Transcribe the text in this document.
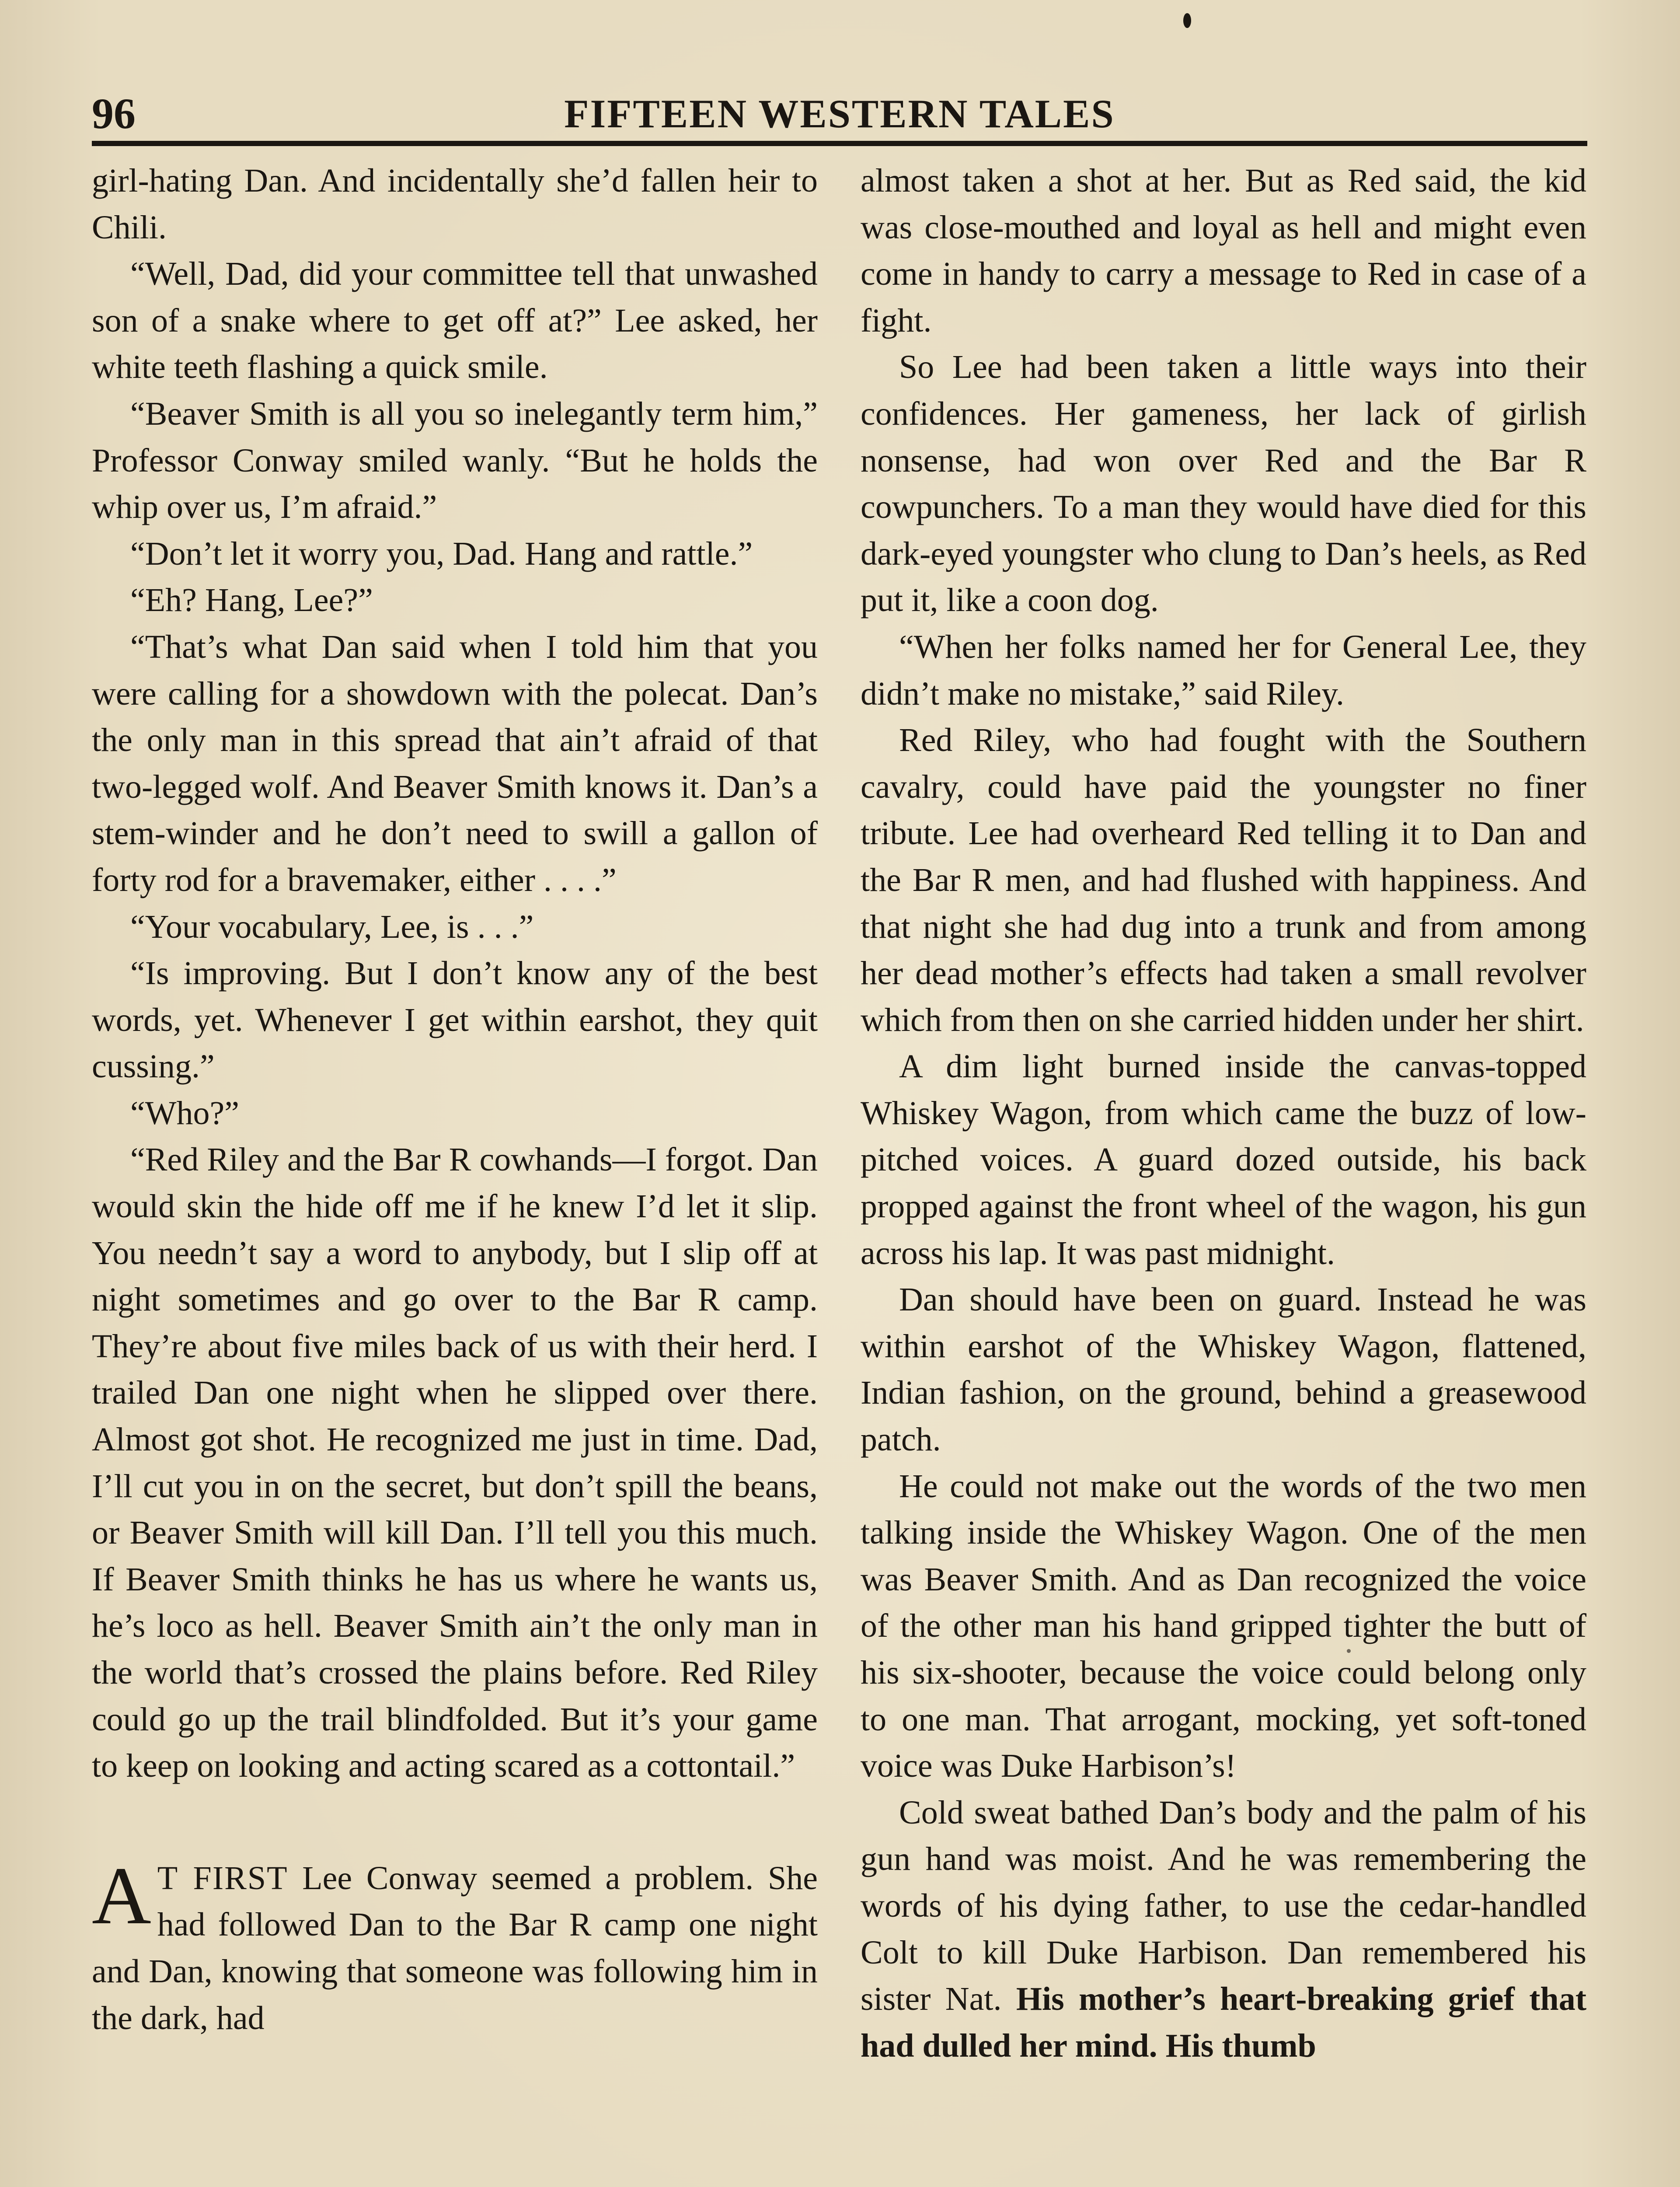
96	FIFTEEN WESTERN TALES

girl-hating Dan. And incidentally she’d fallen heir to Chili.

“Well, Dad, did your committee tell that unwashed son of a snake where to get off at?” Lee asked, her white teeth flashing a quick smile.

“Beaver Smith is all you so inelegantly term him,” Professor Conway smiled wanly. “But he holds the whip over us, I’m afraid.”

“Don’t let it worry you, Dad. Hang and rattle.”

“Eh? Hang, Lee?”

“That’s what Dan said when I told him that you were calling for a showdown with the polecat. Dan’s the only man in this spread that ain’t afraid of that two-legged wolf. And Beaver Smith knows it. Dan’s a stem-winder and he don’t need to swill a gallon of forty rod for a bravemaker, either . . . .”

“Your vocabulary, Lee, is . . .”

“Is improving. But I don’t know any of the best words, yet. Whenever I get within earshot, they quit cussing.”

“Who?”

“Red Riley and the Bar R cowhands—I forgot. Dan would skin the hide off me if he knew I’d let it slip. You needn’t say a word to anybody, but I slip off at night sometimes and go over to the Bar R camp. They’re about five miles back of us with their herd. I trailed Dan one night when he slipped over there. Almost got shot. He recognized me just in time. Dad, I’ll cut you in on the secret, but don’t spill the beans, or Beaver Smith will kill Dan. I’ll tell you this much. If Beaver Smith thinks he has us where he wants us, he’s loco as hell. Beaver Smith ain’t the only man in the world that’s crossed the plains before. Red Riley could go up the trail blindfolded. But it’s your game to keep on looking and acting scared as a cottontail.”

A T FIRST Lee Conway seemed a problem. She had followed Dan to the Bar R camp one night and Dan, knowing that someone was following him in the dark, had

almost taken a shot at her. But as Red said, the kid was close-mouthed and loyal as hell and might even come in handy to carry a message to Red in case of a fight.

So Lee had been taken a little ways into their confidences. Her gameness, her lack of girlish nonsense, had won over Red and the Bar R cowpunchers. To a man they would have died for this dark-eyed youngster who clung to Dan’s heels, as Red put it, like a coon dog.

“When her folks named her for General Lee, they didn’t make no mistake,” said Riley.

Red Riley, who had fought with the Southern cavalry, could have paid the youngster no finer tribute. Lee had overheard Red telling it to Dan and the Bar R men, and had flushed with happiness. And that night she had dug into a trunk and from among her dead mother’s effects had taken a small revolver which from then on she carried hidden under her shirt.

A dim light burned inside the canvas-topped Whiskey Wagon, from which came the buzz of low-pitched voices. A guard dozed outside, his back propped against the front wheel of the wagon, his gun across his lap. It was past midnight.

Dan should have been on guard. Instead he was within earshot of the Whiskey Wagon, flattened, Indian fashion, on the ground, behind a greasewood patch.

He could not make out the words of the two men talking inside the Whiskey Wagon. One of the men was Beaver Smith. And as Dan recognized the voice of the other man his hand gripped tighter the butt of his six-shooter, because the voice could belong only to one man. That arrogant, mocking, yet soft-toned voice was Duke Harbison’s!

Cold sweat bathed Dan’s body and the palm of his gun hand was moist. And he was remembering the words of his dying father, to use the cedar-handled Colt to kill Duke Harbison. Dan remembered his sister Nat. His mother’s heart-breaking grief that had dulled her mind. His thumb
